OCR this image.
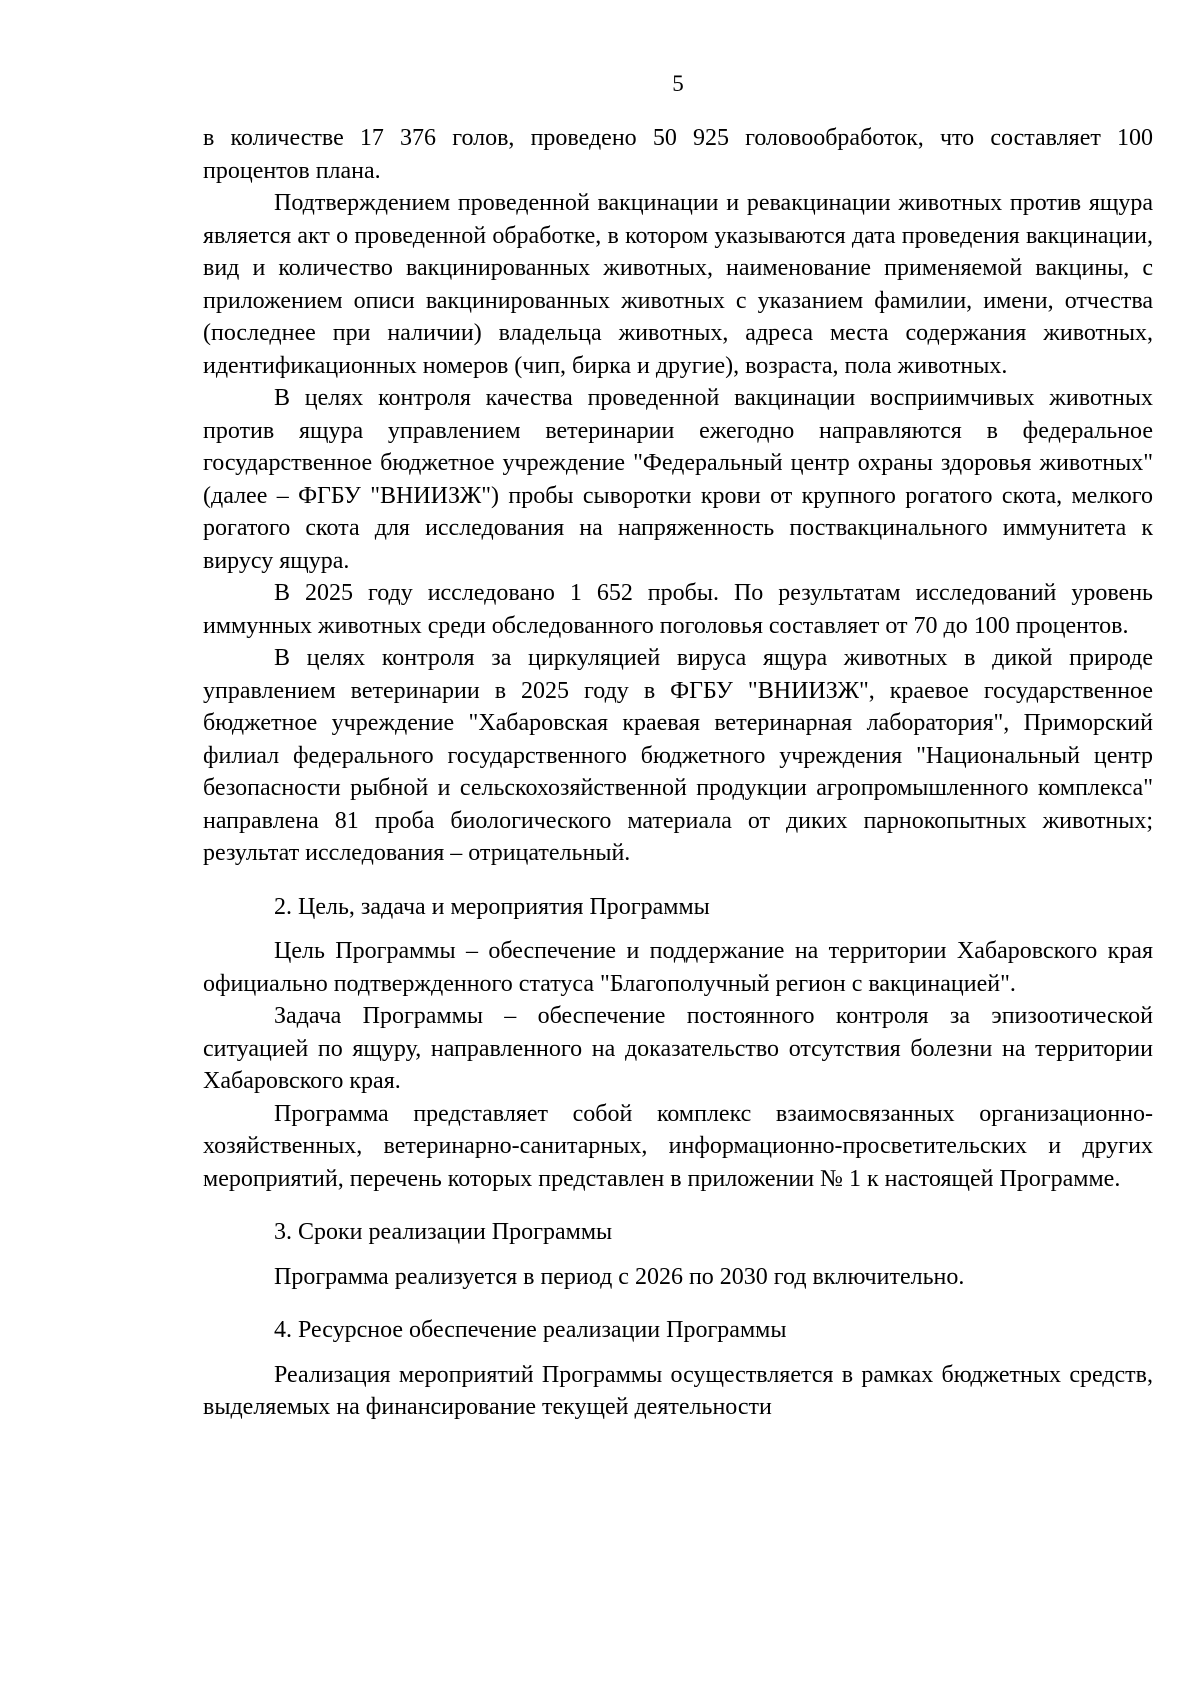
5

в количестве 17 376 голов, проведено 50 925 головообработок, что составляет 100 процентов плана.

Подтверждением проведенной вакцинации и ревакцинации животных против ящура является акт о проведенной обработке, в котором указываются дата проведения вакцинации, вид и количество вакцинированных животных, наименование применяемой вакцины, с приложением описи вакцинированных животных с указанием фамилии, имени, отчества (последнее при наличии) владельца животных, адреса места содержания животных, идентификационных номеров (чип, бирка и другие), возраста, пола животных.

В целях контроля качества проведенной вакцинации восприимчивых животных против ящура управлением ветеринарии ежегодно направляются в федеральное государственное бюджетное учреждение "Федеральный центр охраны здоровья животных" (далее – ФГБУ "ВНИИЗЖ") пробы сыворотки крови от крупного рогатого скота, мелкого рогатого скота для исследования на напряженность поствакцинального иммунитета к вирусу ящура.

В 2025 году исследовано 1 652 пробы. По результатам исследований уровень иммунных животных среди обследованного поголовья составляет от 70 до 100 процентов.

В целях контроля за циркуляцией вируса ящура животных в дикой природе управлением ветеринарии в 2025 году в ФГБУ "ВНИИЗЖ", краевое государственное бюджетное учреждение "Хабаровская краевая ветеринарная лаборатория", Приморский филиал федерального государственного бюджетного учреждения "Национальный центр безопасности рыбной и сельскохозяйственной продукции агропромышленного комплекса" направлена 81 проба биологического материала от диких парнокопытных животных; результат исследования – отрицательный.

2. Цель, задача и мероприятия Программы

Цель Программы – обеспечение и поддержание на территории Хабаровского края официально подтвержденного статуса "Благополучный регион с вакцинацией".

Задача Программы – обеспечение постоянного контроля за эпизоотической ситуацией по ящуру, направленного на доказательство отсутствия болезни на территории Хабаровского края.

Программа представляет собой комплекс взаимосвязанных организационно-хозяйственных, ветеринарно-санитарных, информационно-просветительских и других мероприятий, перечень которых представлен в приложении № 1 к настоящей Программе.

3. Сроки реализации Программы

Программа реализуется в период с 2026 по 2030 год включительно.

4. Ресурсное обеспечение реализации Программы

Реализация мероприятий Программы осуществляется в рамках бюджетных средств, выделяемых на финансирование текущей деятельности
